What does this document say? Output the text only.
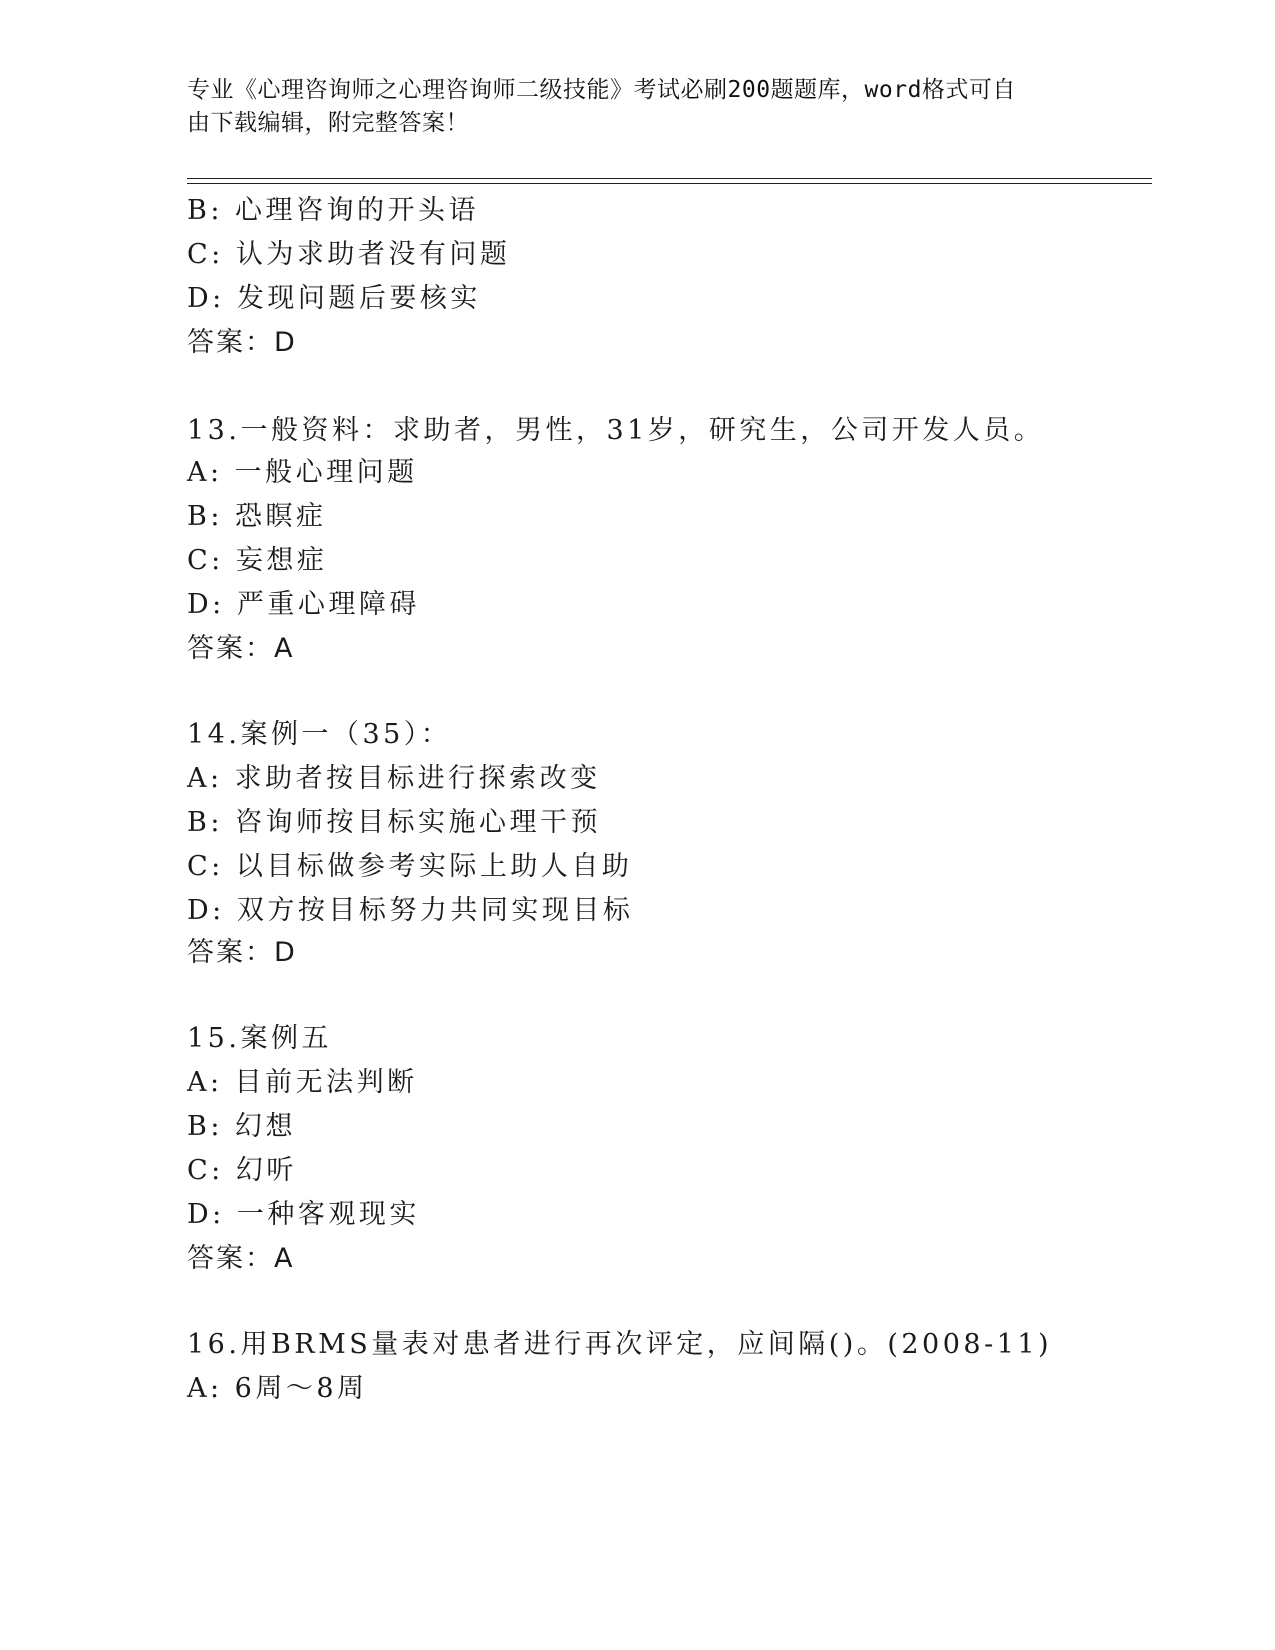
专业《心理咨询师之心理咨询师二级技能》考试必刷200题题库，word格式可自
由下载编辑，附完整答案！
B: 心理咨询的开头语
C: 认为求助者没有问题
D: 发现问题后要核实
答案：D
13.一般资料：求助者，男性，31岁，研究生，公司开发人员。
A: 一般心理问题
B: 恐瞑症
C: 妄想症
D: 严重心理障碍
答案：A
14.案例一（35）：
A: 求助者按目标进行探索改变
B: 咨询师按目标实施心理干预
C: 以目标做参考实际上助人自助
D: 双方按目标努力共同实现目标
答案：D
15.案例五
A: 目前无法判断
B: 幻想
C: 幻听
D: 一种客观现实
答案：A
16.用BRMS量表对患者进行再次评定，应间隔()。(2008-11)
A: 6周～8周
